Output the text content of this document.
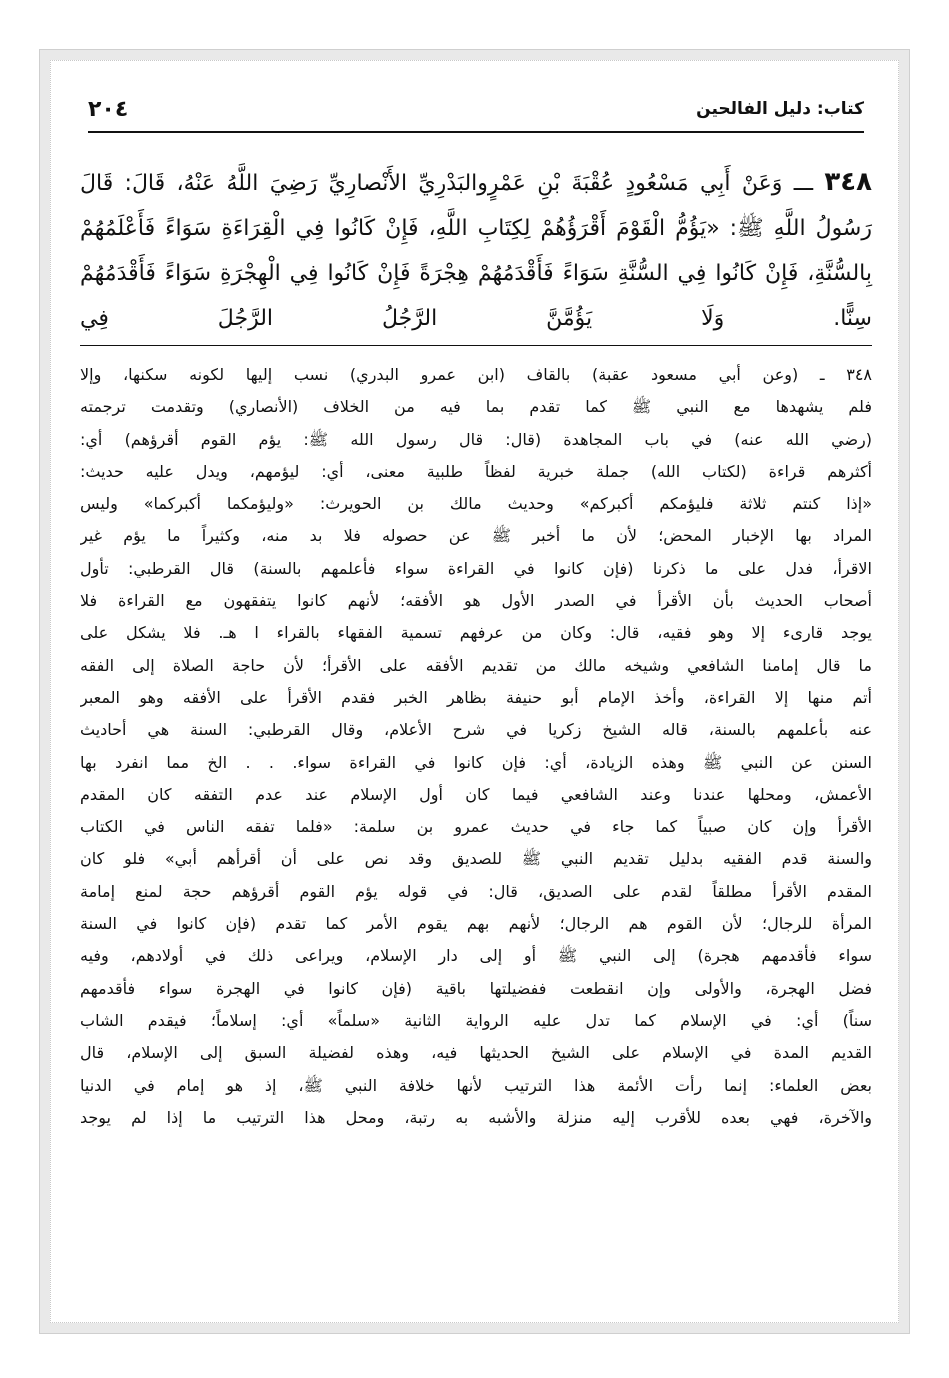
٢٠٤	كتاب: دليل الفالحين
٣٤٨ ـــ وَعَنْ أَبِي مَسْعُودٍ عُقْبَةَ بْنِ عَمْرٍوالبَدْرِيِّ الأَنْصارِيِّ رَضِيَ اللَّهُ عَنْهُ، قَالَ: قَالَ رَسُولُ اللَّهِ ﷺ: «يَؤُمُّ الْقَوْمَ أَقْرَؤُهُمْ لِكِتَابِ اللَّهِ، فَإِنْ كَانُوا فِي الْقِرَاءَةِ سَوَاءً فَأَعْلَمُهُمْ بِالسُّنَّةِ، فَإِنْ كَانُوا فِي السُّنَّةِ سَوَاءً فَأَقْدَمُهُمْ هِجْرَةً فَإِنْ كَانُوا فِي الْهِجْرَةِ سَوَاءً فَأَقْدَمُهُمْ سِنًّا. وَلَا يَؤُمَّنَّ الرَّجُلُ الرَّجُلَ فِي
٣٤٨ ـ (وعن أبي مسعود عقبة) بالقاف (ابن عمرو البدري) نسب إليها لكونه سكنها، وإلا
فلم يشهدها مع النبي ﷺ كما تقدم بما فيه من الخلاف (الأنصاري) وتقدمت ترجمته
(رضي الله عنه) في باب المجاهدة (قال: قال رسول الله ﷺ: يؤم القوم أقرؤهم) أي:
أكثرهم قراءة (لكتاب الله) جملة خبرية لفظاً طلبية معنى، أي: ليؤمهم، ويدل عليه حديث:
«إذا كنتم ثلاثة فليؤمكم أكبركم» وحديث مالك بن الحويرث: «وليؤمكما أكبركما» وليس
المراد بها الإخبار المحض؛ لأن ما أخبر ﷺ عن حصوله فلا بد منه، وكثيراً ما يؤم غير
الاقرأ، فدل على ما ذكرنا (فإن كانوا في القراءة سواء فأعلمهم بالسنة) قال القرطبي: تأول
أصحاب الحديث بأن الأقرأ في الصدر الأول هو الأفقه؛ لأنهم كانوا يتفقهون مع القراءة فلا
يوجد قارىء إلا وهو فقيه، قال: وكان من عرفهم تسمية الفقهاء بالقراء ا هـ. فلا يشكل على
ما قال إمامنا الشافعي وشيخه مالك من تقديم الأفقه على الأقرأ؛ لأن حاجة الصلاة إلى الفقه
أتم منها إلا القراءة، وأخذ الإمام أبو حنيفة بظاهر الخبر فقدم الأقرأ على الأفقه وهو المعبر
عنه بأعلمهم بالسنة، قاله الشيخ زكريا في شرح الأعلام، وقال القرطبي: السنة هي أحاديث
السنن عن النبي ﷺ وهذه الزيادة، أي: فإن كانوا في القراءة سواء. . . الخ مما انفرد بها
الأعمش، ومحلها عندنا وعند الشافعي فيما كان أول الإسلام عند عدم التفقه كان المقدم
الأقرأ وإن كان صبياً كما جاء في حديث عمرو بن سلمة: «فلما تفقه الناس في الكتاب
والسنة قدم الفقيه بدليل تقديم النبي ﷺ للصديق وقد نص على أن أقرأهم أبي» فلو كان
المقدم الأقرأ مطلقاً لقدم على الصديق، قال: في قوله يؤم القوم أقرؤهم حجة لمنع إمامة
المرأة للرجال؛ لأن القوم هم الرجال؛ لأنهم بهم يقوم الأمر كما تقدم (فإن كانوا في السنة
سواء فأقدمهم هجرة) إلى النبي ﷺ أو إلى دار الإسلام، ويراعى ذلك في أولادهم، وفيه
فضل الهجرة، والأولى وإن انقطعت ففضيلتها باقية (فإن كانوا في الهجرة سواء فأقدمهم
سناً) أي: في الإسلام كما تدل عليه الرواية الثانية «سلماً» أي: إسلاماً؛ فيقدم الشاب
القديم المدة في الإسلام على الشيخ الحديثها فيه، وهذه لفضيلة السبق إلى الإسلام، قال
بعض العلماء: إنما رأت الأئمة هذا الترتيب لأنها خلافة النبي ﷺ، إذ هو إمام في الدنيا
والآخرة، فهي بعده للأقرب إليه منزلة والأشبه به رتبة، ومحل هذا الترتيب ما إذا لم يوجد
